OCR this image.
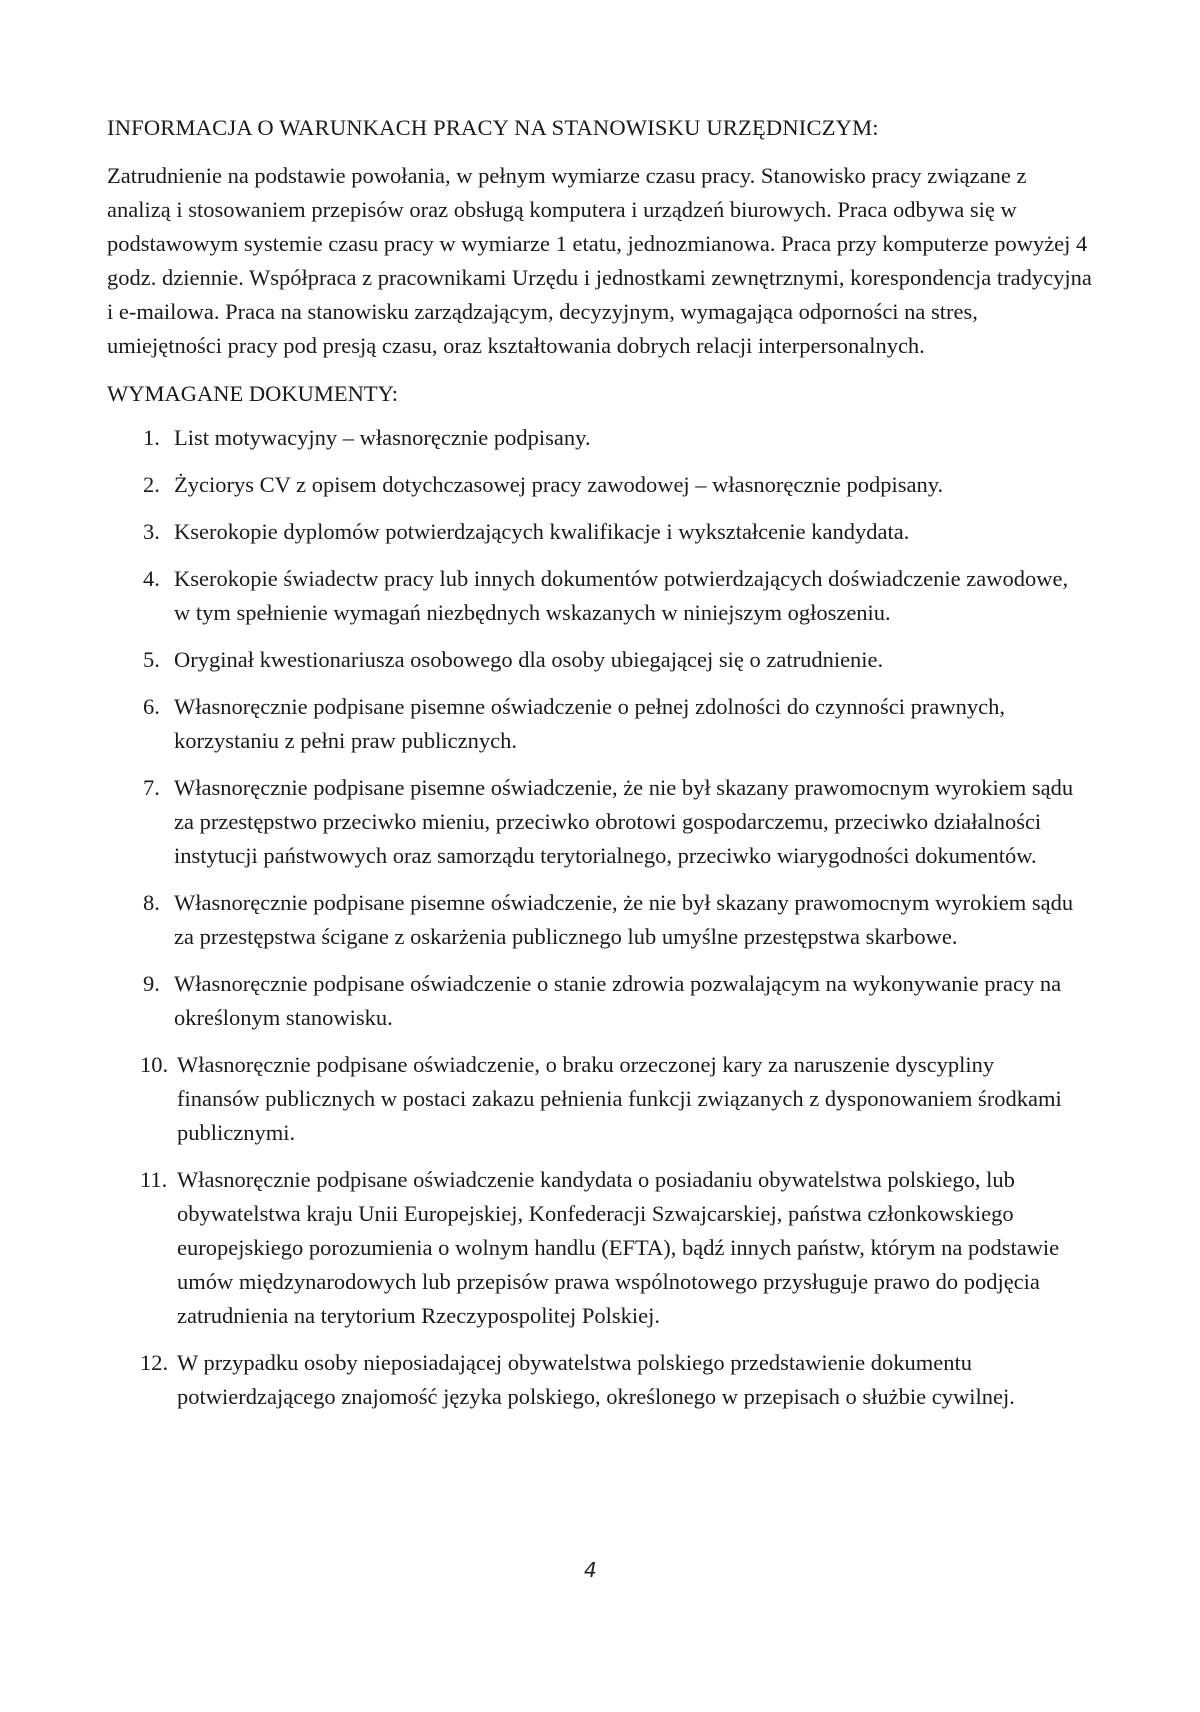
INFORMACJA O WARUNKACH PRACY NA STANOWISKU URZĘDNICZYM:

Zatrudnienie na podstawie powołania, w pełnym wymiarze czasu pracy. Stanowisko pracy związane z analizą i stosowaniem przepisów oraz obsługą komputera i urządzeń biurowych. Praca odbywa się w podstawowym systemie czasu pracy w wymiarze 1 etatu, jednozmianowa. Praca przy komputerze powyżej 4 godz. dziennie. Współpraca z pracownikami Urzędu i jednostkami zewnętrznymi, korespondencja tradycyjna i e-mailowa. Praca na stanowisku zarządzającym, decyzyjnym, wymagająca odporności na stres, umiejętności pracy pod presją czasu, oraz kształtowania dobrych relacji interpersonalnych.

WYMAGANE DOKUMENTY:

1. List motywacyjny – własnoręcznie podpisany.
2. Życiorys CV z opisem dotychczasowej pracy zawodowej – własnoręcznie podpisany.
3. Kserokopie dyplomów potwierdzających kwalifikacje i wykształcenie kandydata.
4. Kserokopie świadectw pracy lub innych dokumentów potwierdzających doświadczenie zawodowe, w tym spełnienie wymagań niezbędnych wskazanych w niniejszym ogłoszeniu.
5. Oryginał kwestionariusza osobowego dla osoby ubiegającej się o zatrudnienie.
6. Własnoręcznie podpisane pisemne oświadczenie o pełnej zdolności do czynności prawnych, korzystaniu z pełni praw publicznych.
7. Własnoręcznie podpisane pisemne oświadczenie, że nie był skazany prawomocnym wyrokiem sądu za przestępstwo przeciwko mieniu, przeciwko obrotowi gospodarczemu, przeciwko działalności instytucji państwowych oraz samorządu terytorialnego, przeciwko wiarygodności dokumentów.
8. Własnoręcznie podpisane pisemne oświadczenie, że nie był skazany prawomocnym wyrokiem sądu za przestępstwa ścigane z oskarżenia publicznego lub umyślne przestępstwa skarbowe.
9. Własnoręcznie podpisane oświadczenie o stanie zdrowia pozwalającym na wykonywanie pracy na określonym stanowisku.
10. Własnoręcznie podpisane oświadczenie, o braku orzeczonej kary za naruszenie dyscypliny finansów publicznych w postaci zakazu pełnienia funkcji związanych z dysponowaniem środkami publicznymi.
11. Własnoręcznie podpisane oświadczenie kandydata o posiadaniu obywatelstwa polskiego, lub obywatelstwa kraju Unii Europejskiej, Konfederacji Szwajcarskiej, państwa członkowskiego europejskiego porozumienia o wolnym handlu (EFTA), bądź innych państw, którym na podstawie umów międzynarodowych lub przepisów prawa wspólnotowego przysługuje prawo do podjęcia zatrudnienia na terytorium Rzeczypospolitej Polskiej.
12. W przypadku osoby nieposiadającej obywatelstwa polskiego przedstawienie dokumentu potwierdzającego znajomość języka polskiego, określonego w przepisach o służbie cywilnej.
4
